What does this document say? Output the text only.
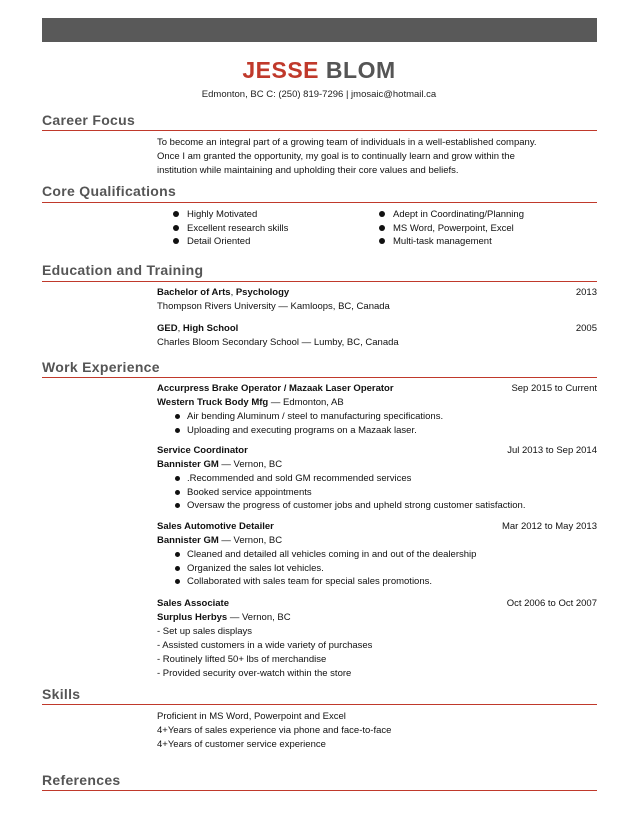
JESSE BLOM
Edmonton, BC C: (250) 819-7296 | jmosaic@hotmail.ca
Career Focus
To become an integral part of a growing team of individuals in a well-established company.
Once I am granted the opportunity, my goal is to continually learn and grow within the
institution while maintaining and upholding their core values and beliefs.
Core Qualifications
Highly Motivated
Excellent research skills
Detail Oriented
Adept in Coordinating/Planning
MS Word, Powerpoint, Excel
Multi-task management
Education and Training
Bachelor of Arts, Psychology	2013
Thompson Rivers University — Kamloops, BC, Canada
GED, High School	2005
Charles Bloom Secondary School — Lumby, BC, Canada
Work Experience
Accurpress Brake Operator / Mazaak Laser Operator	Sep 2015 to Current
Western Truck Body Mfg — Edmonton, AB
Air bending Aluminum / steel to manufacturing specifications.
Uploading and executing programs on a Mazaak laser.
Service Coordinator	Jul 2013 to Sep 2014
Bannister GM — Vernon, BC
.Recommended and sold GM recommended services
Booked service appointments
Oversaw the progress of customer jobs and upheld strong customer satisfaction.
Sales Automotive Detailer	Mar 2012 to May 2013
Bannister GM — Vernon, BC
Cleaned and detailed all vehicles coming in and out of the dealership
Organized the sales lot vehicles.
Collaborated with sales team for special sales promotions.
Sales Associate	Oct 2006 to Oct 2007
Surplus Herbys — Vernon, BC
- Set up sales displays
- Assisted customers in a wide variety of purchases
- Routinely lifted 50+ lbs of merchandise
- Provided security over-watch within the store
Skills
Proficient in MS Word, Powerpoint and Excel
4+Years of sales experience via phone and face-to-face
4+Years of customer service experience
References
